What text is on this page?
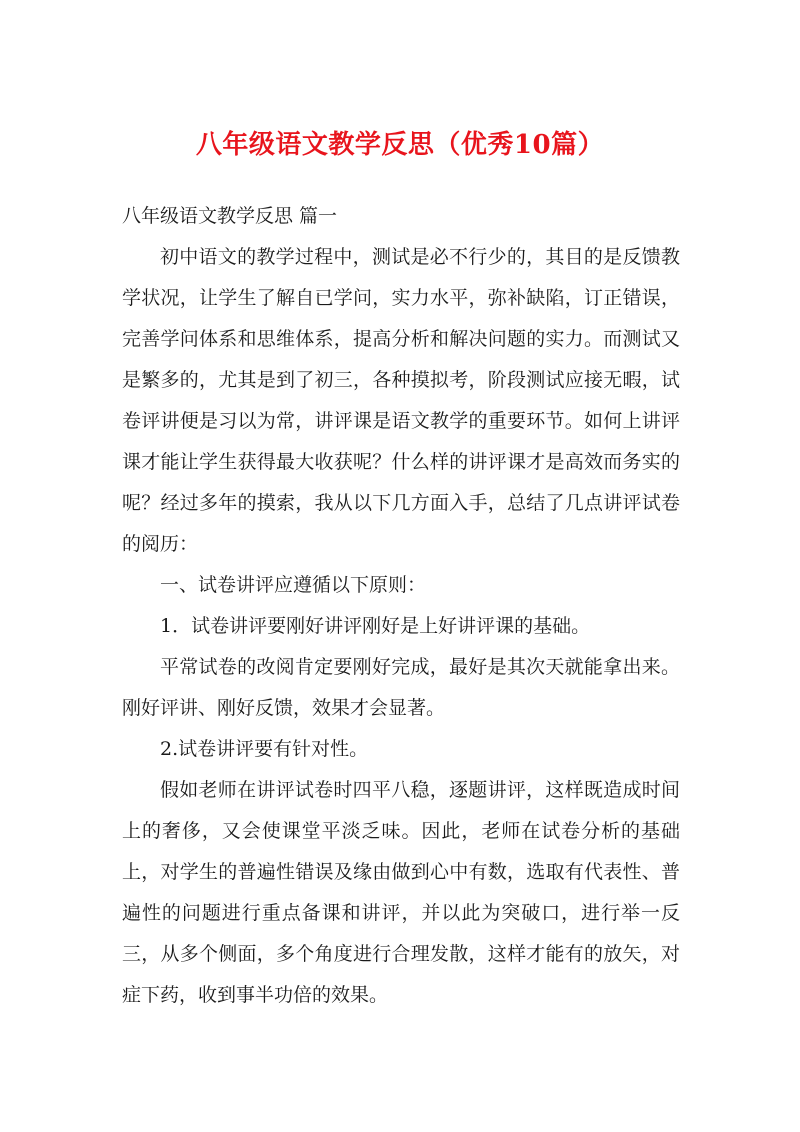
八年级语文教学反思（优秀10篇）

八年级语文教学反思 篇一

初中语文的教学过程中，测试是必不行少的，其目的是反馈教学状况，让学生了解自已学问，实力水平，弥补缺陷，订正错误，完善学问体系和思维体系，提高分析和解决问题的实力。而测试又是繁多的，尤其是到了初三，各种摸拟考，阶段测试应接无暇，试卷评讲便是习以为常，讲评课是语文教学的重要环节。如何上讲评课才能让学生获得最大收获呢？什么样的讲评课才是高效而务实的呢？经过多年的摸索，我从以下几方面入手，总结了几点讲评试卷的阅历：

一、试卷讲评应遵循以下原则：

1．试卷讲评要刚好讲评刚好是上好讲评课的基础。

平常试卷的改阅肯定要刚好完成，最好是其次天就能拿出来。刚好评讲、刚好反馈，效果才会显著。

2.试卷讲评要有针对性。

假如老师在讲评试卷时四平八稳，逐题讲评，这样既造成时间上的奢侈，又会使课堂平淡乏味。因此，老师在试卷分析的基础上，对学生的普遍性错误及缘由做到心中有数，选取有代表性、普遍性的问题进行重点备课和讲评，并以此为突破口，进行举一反三，从多个侧面，多个角度进行合理发散，这样才能有的放矢，对症下药，收到事半功倍的效果。
